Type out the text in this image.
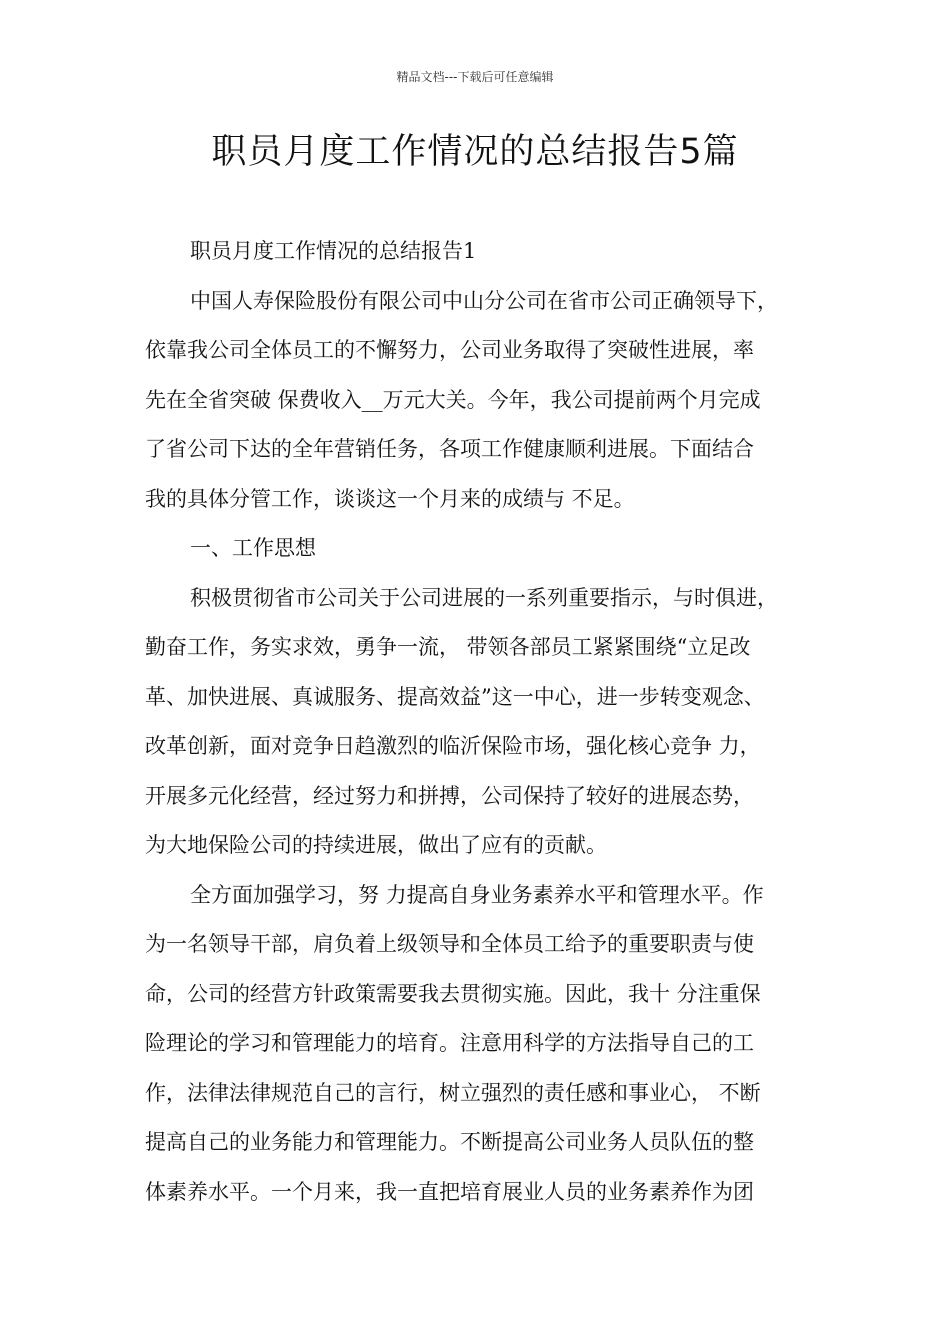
精品文档---下载后可任意编辑
职员月度工作情况的总结报告5篇
职员月度工作情况的总结报告1
中国人寿保险股份有限公司中山分公司在省市公司正确领导下，
依靠我公司全体员工的不懈努力，公司业务取得了突破性进展，率
先在全省突破 保费收入__万元大关。今年，我公司提前两个月完成
了省公司下达的全年营销任务，各项工作健康顺利进展。下面结合
我的具体分管工作，谈谈这一个月来的成绩与 不足。
一、工作思想
积极贯彻省市公司关于公司进展的一系列重要指示，与时俱进，
勤奋工作，务实求效，勇争一流， 带领各部员工紧紧围绕“立足改
革、加快进展、真诚服务、提高效益”这一中心，进一步转变观念、
改革创新，面对竞争日趋激烈的临沂保险市场，强化核心竞争 力，
开展多元化经营，经过努力和拼搏，公司保持了较好的进展态势，
为大地保险公司的持续进展，做出了应有的贡献。
全方面加强学习，努 力提高自身业务素养水平和管理水平。作
为一名领导干部，肩负着上级领导和全体员工给予的重要职责与使
命，公司的经营方针政策需要我去贯彻实施。因此，我十 分注重保
险理论的学习和管理能力的培育。注意用科学的方法指导自己的工
作，法律法律规范自己的言行，树立强烈的责任感和事业心， 不断
提高自己的业务能力和管理能力。不断提高公司业务人员队伍的整
体素养水平。一个月来，我一直把培育展业人员的业务素养作为团
